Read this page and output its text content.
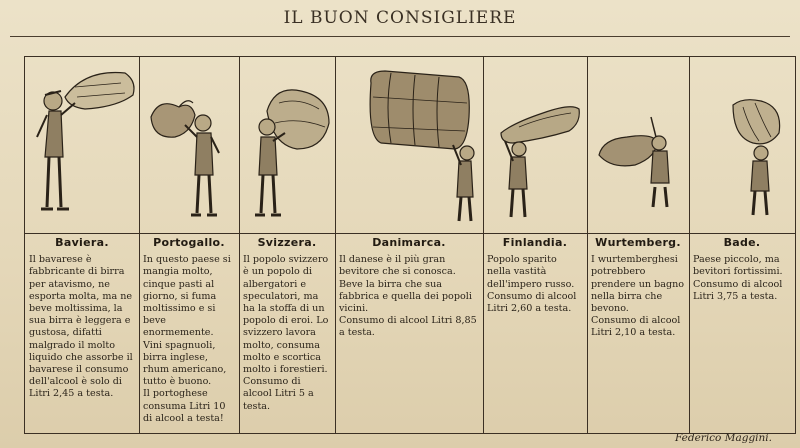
IL BUON CONSIGLIERE
Baviera.
Il bavarese è fabbricante di birra per atavismo, ne esporta molta, ma ne beve moltissima, la sua birra è leggera e gustosa, difatti malgrado il molto liquido che assorbe il bavarese il consumo dell'alcool è solo di Litri 2,45 a testa.
Portogallo.
In questo paese si mangia molto, cinque pasti al giorno, si fuma moltissimo e si beve enormemente. Vini spagnuoli, birra inglese, rhum americano, tutto è buono.
Il portoghese consuma Litri 10 di alcool a testa!
Svizzera.
Il popolo svizzero è un popolo di albergatori e speculatori, ma ha la stoffa di un popolo di eroi. Lo svizzero lavora molto, consuma molto e scortica molto i forestieri.
Consumo di alcool Litri 5 a testa.
Danimarca.
Il danese è il più gran bevitore che si conosca.
Beve la birra che sua fabbrica e quella dei popoli vicini.
Consumo di alcool Litri 8,85 a testa.
Finlandia.
Popolo sparito nella vastità dell'impero russo.
Consumo di alcool Litri 2,60 a testa.
Wurtemberg.
I wurtemberghesi potrebbero prendere un bagno nella birra che bevono.
Consumo di alcool Litri 2,10 a testa.
Bade.
Paese piccolo, ma bevitori fortissimi.
Consumo di alcool Litri 3,75 a testa.
Federico Maggini.
